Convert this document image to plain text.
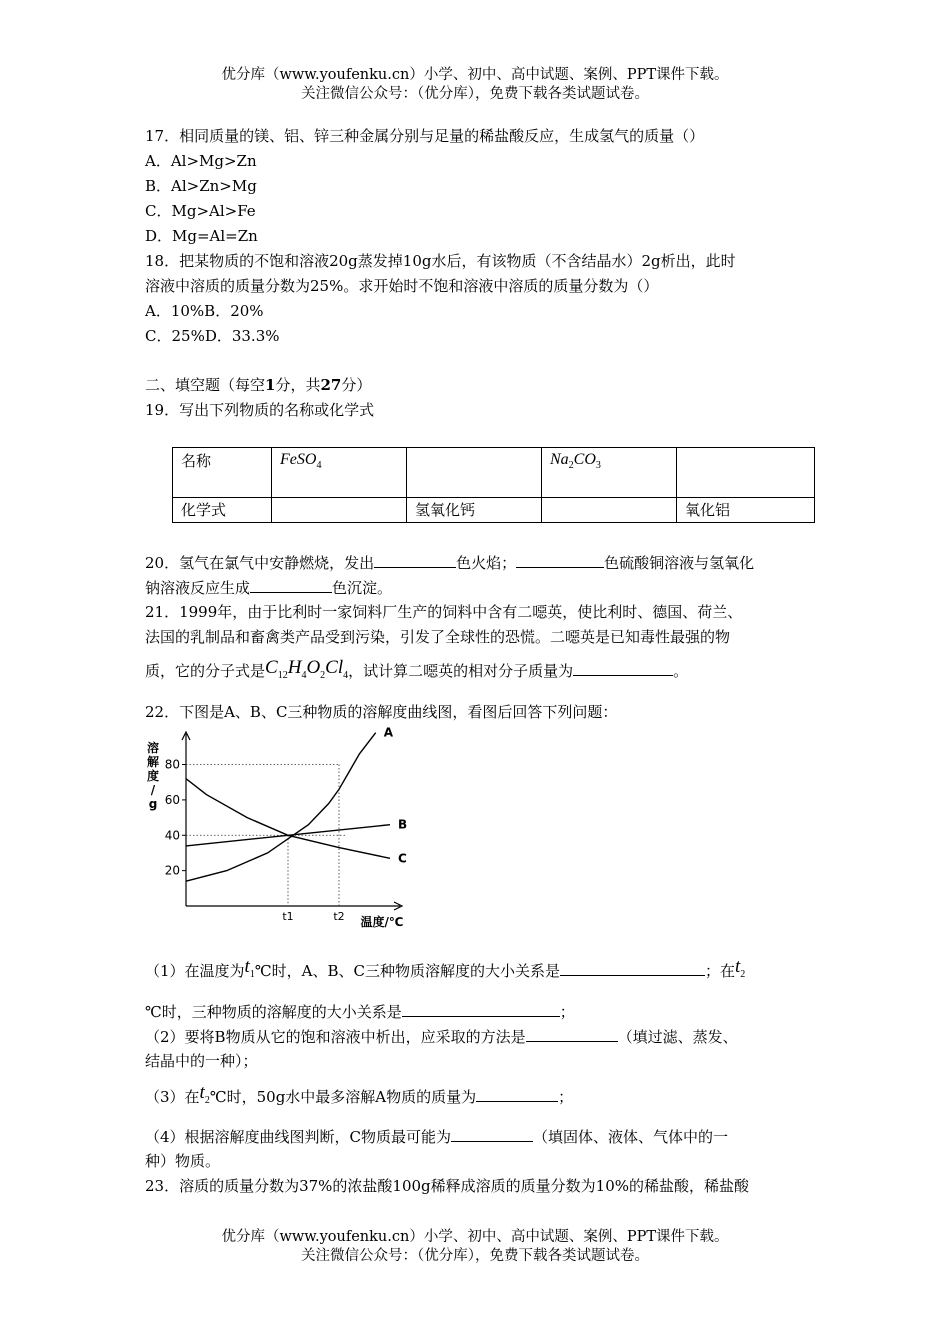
优分库（www.youfenku.cn）小学、初中、高中试题、案例、PPT课件下载。
关注微信公众号：（优分库），免费下载各类试题试卷。
17．相同质量的镁、铝、锌三种金属分别与足量的稀盐酸反应，生成氢气的质量（）
A．Al>Mg>Zn
B．Al>Zn>Mg
C．Mg>Al>Fe
D．Mg=Al=Zn
18．把某物质的不饱和溶液20g蒸发掉10g水后，有该物质（不含结晶水）2g析出，此时
溶液中溶质的质量分数为25%。求开始时不饱和溶液中溶质的质量分数为（）
A．10%B．20%
C．25%D．33.3%
二、填空题（每空1分，共27分）
19．写出下列物质的名称或化学式
名称	FeSO$_4$		$Na_2CO_3$	
化学式		氢氧化钙		氧化铝
20．氢气在氯气中安静燃烧，发出	色火焰；	色硫酸铜溶液与氢氧化
钠溶液反应生成	色沉淀。
21．1999年，由于比利时一家饲料厂生产的饲料中含有二噁英，使比利时、德国、荷兰、
法国的乳制品和畜禽类产品受到污染，引发了全球性的恐慌。二噁英是已知毒性最强的物
质，它的分子式是$C_{12}H_4O_2Cl_4$，试计算二噁英的相对分子质量为	。
22．下图是A、B、C三种物质的溶解度曲线图，看图后回答下列问题：
溶
解
度
/
g
20
40
60
80
t1	t2 温度/℃
A
B
C
（1）在温度为$t_1℃$时，A、B、C三种物质溶解度的大小关系是	；在$t_2$
℃时，三种物质的溶解度的大小关系是	；
（2）要将B物质从它的饱和溶液中析出，应采取的方法是	（填过滤、蒸发、
结晶中的一种）；
（3）在$t_2℃$时，50g水中最多溶解A物质的质量为	；
（4）根据溶解度曲线图判断，C物质最可能为	（填固体、液体、气体中的一
种）物质。
23．溶质的质量分数为37%的浓盐酸100g稀释成溶质的质量分数为10%的稀盐酸，稀盐酸
优分库（www.youfenku.cn）小学、初中、高中试题、案例、PPT课件下载。
关注微信公众号：（优分库），免费下载各类试题试卷。
